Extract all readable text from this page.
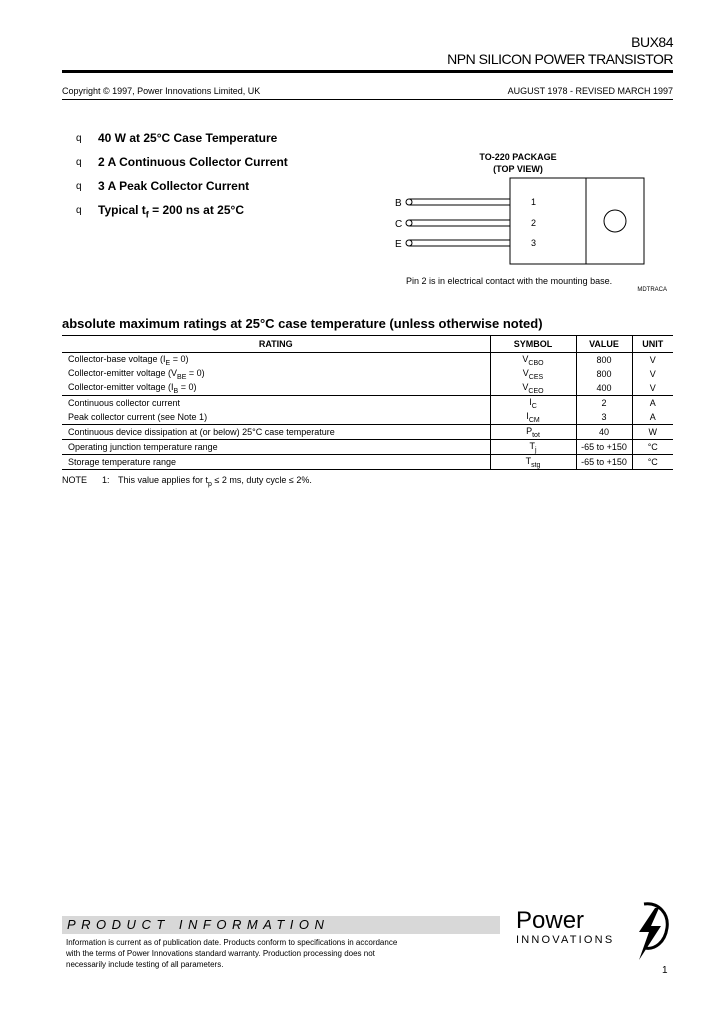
BUX84
NPN SILICON POWER TRANSISTOR
Copyright © 1997, Power Innovations Limited, UK	AUGUST 1978 - REVISED MARCH 1997
q	40 W at 25°C Case Temperature
q	2 A Continuous Collector Current
q	3 A Peak Collector Current
q	Typical $t_f = 200$ ns at 25°C
TO-220 PACKAGE
(TOP VIEW)
B
C
E
1
2
3
Pin 2 is in electrical contact with the mounting base.
MDTRACA
absolute maximum ratings at 25°C case temperature (unless otherwise noted)
RATING	SYMBOL	VALUE	UNIT
Collector-base voltage $(I_E = 0)$	$V_{CBO}$	800	V
Collector-emitter voltage $(V_{BE} = 0)$	$V_{CES}$	800	V
Collector-emitter voltage $(I_B = 0)$	$V_{CEO}$	400	V
Continuous collector current	$I_C$	2	A
Peak collector current (see Note 1)	$I_{CM}$	3	A
Continuous device dissipation at (or below) 25°C case temperature	$P_{tot}$	40	W
Operating junction temperature range	$T_j$	-65 to +150	°C
Storage temperature range	$T_{stg}$	-65 to +150	°C
NOTE 1: This value applies for $t_p \le 2$ ms, duty cycle ≤ 2%.
PRODUCT INFORMATION
Information is current as of publication date. Products conform to specifications in accordance
with the terms of Power Innovations standard warranty. Production processing does not
necessarily include testing of all parameters.
Power
INNOVATIONS
1
